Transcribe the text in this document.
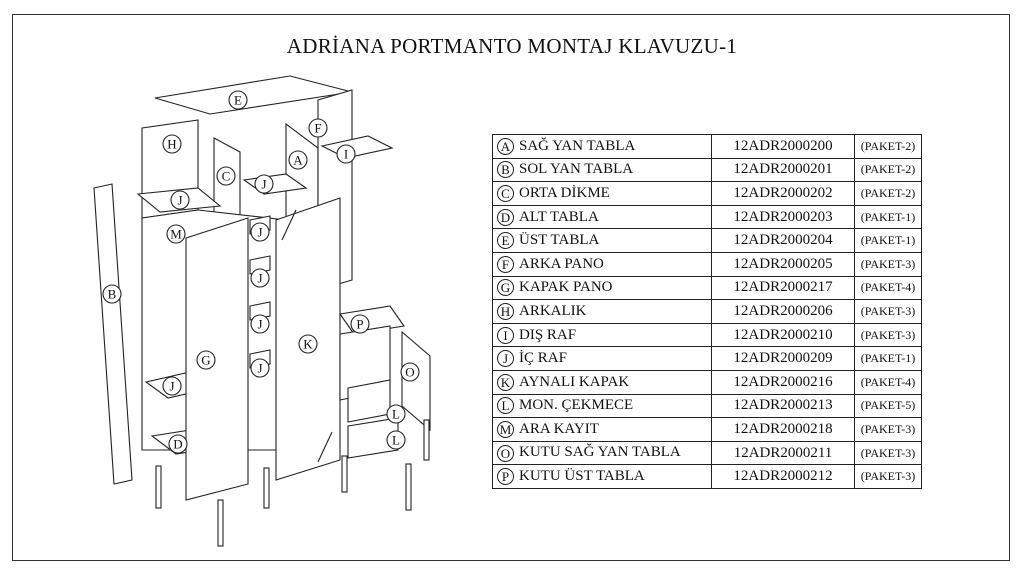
ADRİANA PORTMANTO MONTAJ KLAVUZU-1
E
H
F
A	I
C
J
J
M	J
J
J
J
B
G
K
J
D
P
O
L
L
A SAĞ YAN TABLA	12ADR2000200	(PAKET-2)
B SOL YAN TABLA	12ADR2000201	(PAKET-2)
C ORTA DİKME	12ADR2000202	(PAKET-2)
D ALT TABLA	12ADR2000203	(PAKET-1)
E ÜST TABLA	12ADR2000204	(PAKET-1)
F ARKA PANO	12ADR2000205	(PAKET-3)
G KAPAK PANO	12ADR2000217	(PAKET-4)
H ARKALIK	12ADR2000206	(PAKET-3)
I DIŞ RAF	12ADR2000210	(PAKET-3)
J İÇ RAF	12ADR2000209	(PAKET-1)
K AYNALI KAPAK	12ADR2000216	(PAKET-4)
L MON. ÇEKMECE	12ADR2000213	(PAKET-5)
M ARA KAYIT	12ADR2000218	(PAKET-3)
O KUTU SAĞ YAN TABLA	12ADR2000211	(PAKET-3)
P KUTU ÜST TABLA	12ADR2000212	(PAKET-3)
